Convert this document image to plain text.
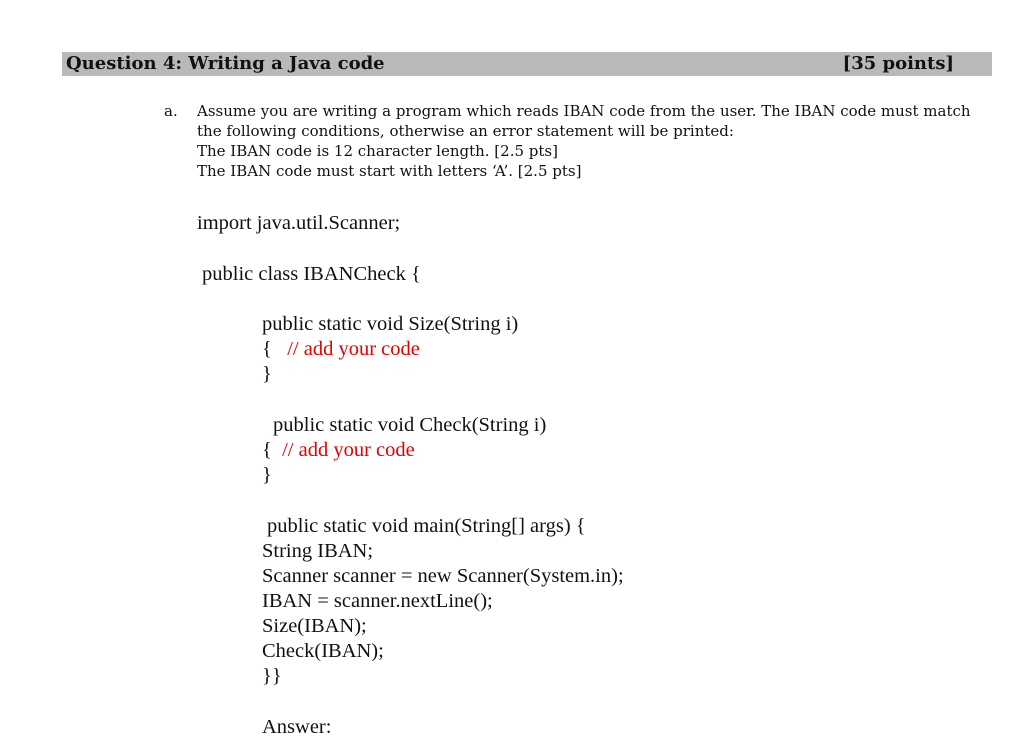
Question 4: Writing a Java code	[35 points]
a. Assume you are writing a program which reads IBAN code from the user. The IBAN code must match
the following conditions, otherwise an error statement will be printed:
The IBAN code is 12 character length. [2.5 pts]
The IBAN code must start with letters ‘A’. [2.5 pts]
import java.util.Scanner;
public class IBANCheck {
public static void Size(String i)
{ // add your code
}
public static void Check(String i)
{ // add your code
}
public static void main(String[] args) {
String IBAN;
Scanner scanner = new Scanner(System.in);
IBAN = scanner.nextLine();
Size(IBAN);
Check(IBAN);
}}
Answer:
